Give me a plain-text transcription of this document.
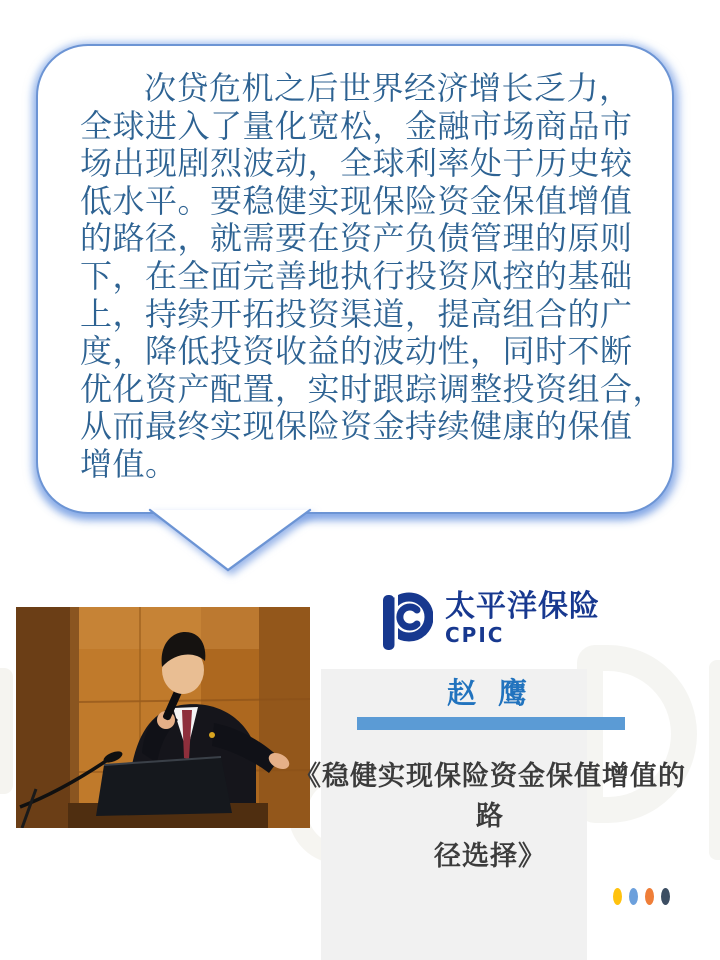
次贷危机之后世界经济增长乏力，
全球进入了量化宽松，金融市场商品市
场出现剧烈波动，全球利率处于历史较
低水平。要稳健实现保险资金保值增值
的路径，就需要在资产负债管理的原则
下，在全面完善地执行投资风控的基础
上，持续开拓投资渠道，提高组合的广
度，降低投资收益的波动性，同时不断
优化资产配置，实时跟踪调整投资组合，
从而最终实现保险资金持续健康的保值
增值。
太平洋保险
CPIC
赵 鹰
《稳健实现保险资金保值增值的路
径选择》
